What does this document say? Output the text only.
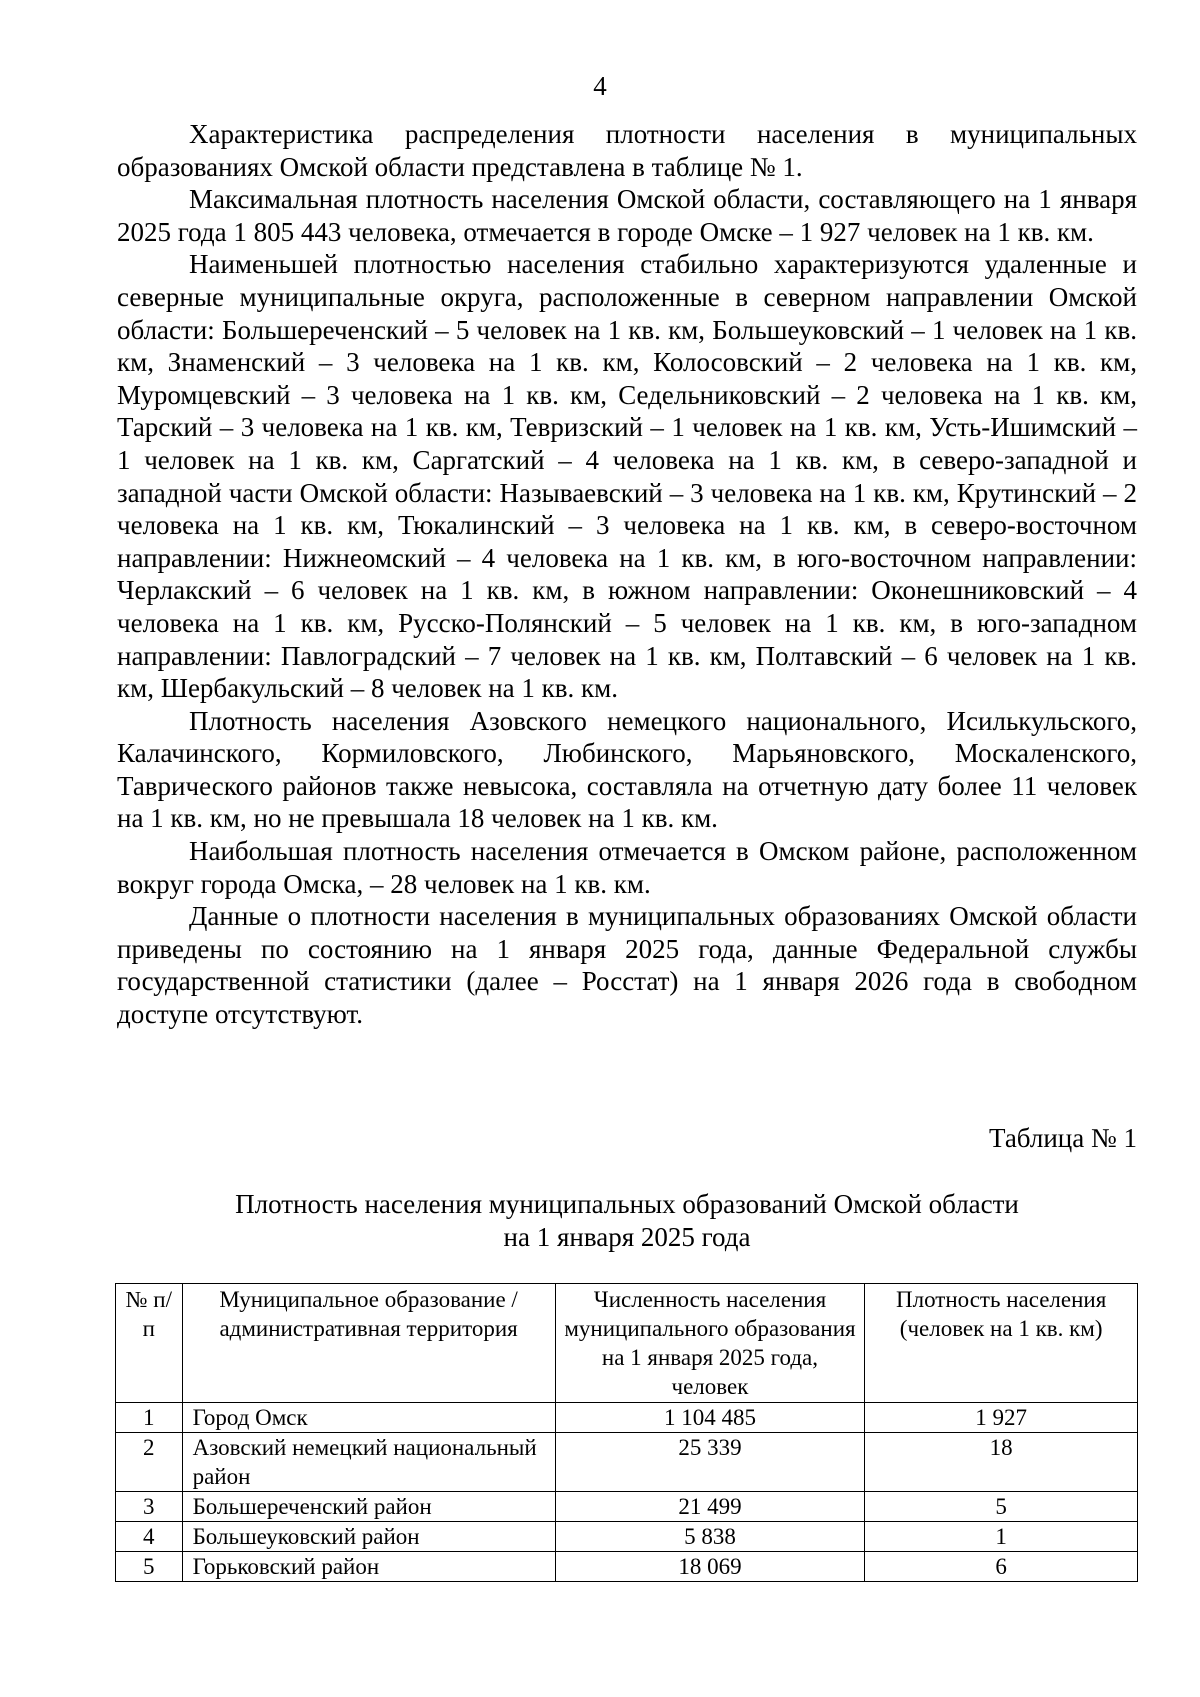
4

Характеристика распределения плотности населения в муниципальных образованиях Омской области представлена в таблице № 1.

Максимальная плотность населения Омской области, составляющего на 1 января 2025 года 1 805 443 человека, отмечается в городе Омске – 1 927 человек на 1 кв. км.

Наименьшей плотностью населения стабильно характеризуются удаленные и северные муниципальные округа, расположенные в северном направлении Омской области: Большереченский – 5 человек на 1 кв. км, Большеуковский – 1 человек на 1 кв. км, Знаменский – 3 человека на 1 кв. км, Колосовский – 2 человека на 1 кв. км, Муромцевский – 3 человека на 1 кв. км, Седельниковский – 2 человека на 1 кв. км, Тарский – 3 человека на 1 кв. км, Тевризский – 1 человек на 1 кв. км, Усть-Ишимский – 1 человек на 1 кв. км, Саргатский – 4 человека на 1 кв. км, в северо-западной и западной части Омской области: Называевский – 3 человека на 1 кв. км, Крутинский – 2 человека на 1 кв. км, Тюкалинский – 3 человека на 1 кв. км, в северо-восточном направлении: Нижнеомский – 4 человека на 1 кв. км, в юго-восточном направлении: Черлакский – 6 человек на 1 кв. км, в южном направлении: Оконешниковский – 4 человека на 1 кв. км, Русско-Полянский – 5 человек на 1 кв. км, в юго-западном направлении: Павлоградский – 7 человек на 1 кв. км, Полтавский – 6 человек на 1 кв. км, Шербакульский – 8 человек на 1 кв. км.

Плотность населения Азовского немецкого национального, Исилькульского, Калачинского, Кормиловского, Любинского, Марьяновского, Москаленского, Таврического районов также невысока, составляла на отчетную дату более 11 человек на 1 кв. км, но не превышала 18 человек на 1 кв. км.

Наибольшая плотность населения отмечается в Омском районе, расположенном вокруг города Омска, – 28 человек на 1 кв. км.

Данные о плотности населения в муниципальных образованиях Омской области приведены по состоянию на 1 января 2025 года, данные Федеральной службы государственной статистики (далее – Росстат) на 1 января 2026 года в свободном доступе отсутствуют.

Таблица № 1
Плотность населения муниципальных образований Омской области
на 1 января 2025 года
№ п/п	Муниципальное образование / административная территория	Численность населения муниципального образования на 1 января 2025 года, человек	Плотность населения (человек на 1 кв. км)
1	Город Омск	1 104 485	1 927
2	Азовский немецкий национальный район	25 339	18
3	Большереченский район	21 499	5
4	Большеуковский район	5 838	1
5	Горьковский район	18 069	6
